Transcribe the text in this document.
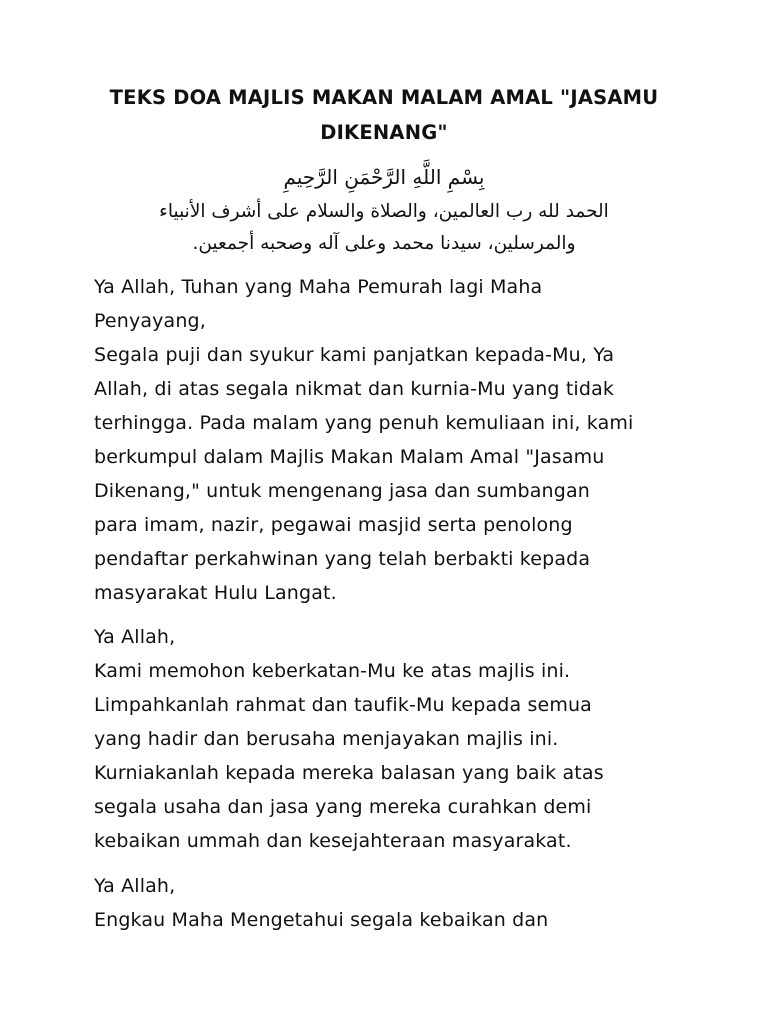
TEKS DOA MAJLIS MAKAN MALAM AMAL "JASAMU DIKENANG"
بِسْمِ اللَّهِ الرَّحْمَنِ الرَّحِيمِ
الحمد لله رب العالمين، والصلاة والسلام على أشرف الأنبياء
والمرسلين، سيدنا محمد وعلى آله وصحبه أجمعين.
Ya Allah, Tuhan yang Maha Pemurah lagi Maha
Penyayang,
Segala puji dan syukur kami panjatkan kepada-Mu, Ya
Allah, di atas segala nikmat dan kurnia-Mu yang tidak
terhingga. Pada malam yang penuh kemuliaan ini, kami
berkumpul dalam Majlis Makan Malam Amal "Jasamu
Dikenang," untuk mengenang jasa dan sumbangan
para imam, nazir, pegawai masjid serta penolong
pendaftar perkahwinan yang telah berbakti kepada
masyarakat Hulu Langat.
Ya Allah,
Kami memohon keberkatan-Mu ke atas majlis ini.
Limpahkanlah rahmat dan taufik-Mu kepada semua
yang hadir dan berusaha menjayakan majlis ini.
Kurniakanlah kepada mereka balasan yang baik atas
segala usaha dan jasa yang mereka curahkan demi
kebaikan ummah dan kesejahteraan masyarakat.
Ya Allah,
Engkau Maha Mengetahui segala kebaikan dan
